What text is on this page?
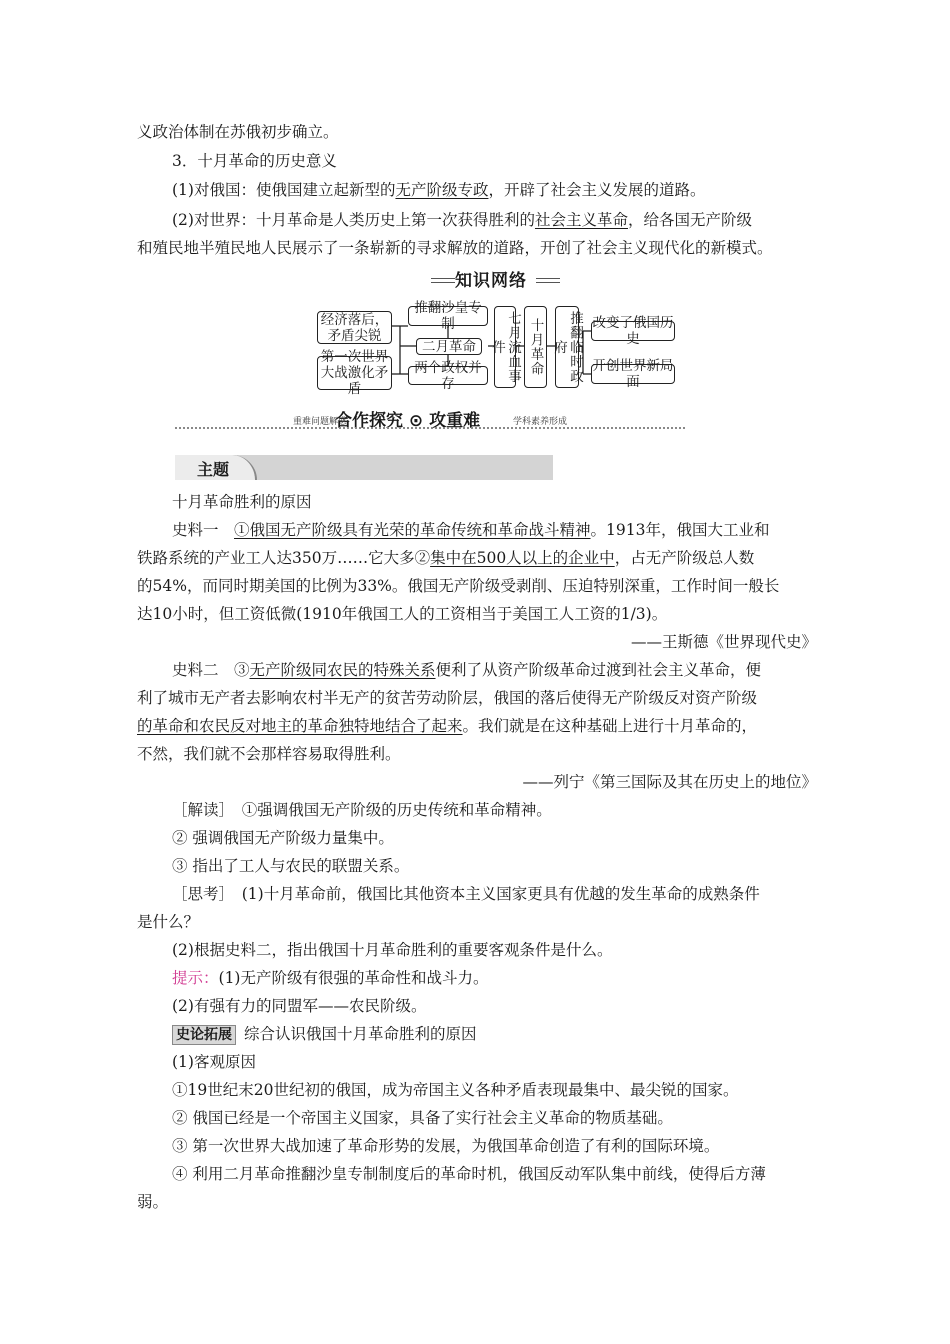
义政治体制在苏俄初步确立。
3．十月革命的历史意义
(1)对俄国：使俄国建立起新型的无产阶级专政，开辟了社会主义发展的道路。
(2)对世界：十月革命是人类历史上第一次获得胜利的社会主义革命，给各国无产阶级
和殖民地半殖民地人民展示了一条崭新的寻求解放的道路，开创了社会主义现代化的新模式。
知识网络
经济落后，矛盾尖锐
第一次世界大战激化矛盾
推翻沙皇专制
二月革命
两个政权并存
七月流血事件	十月革命	推翻临时政府
改变了俄国历史
开创世界新局面
重难问题解惑
合作探究 ⊙ 攻重难	学科素养形成
主题
十月革命胜利的原因
史料一　①俄国无产阶级具有光荣的革命传统和革命战斗精神。1913年，俄国大工业和
铁路系统的产业工人达350万……它大多②集中在500人以上的企业中，占无产阶级总人数
的54%，而同时期美国的比例为33%。俄国无产阶级受剥削、压迫特别深重，工作时间一般长
达10小时，但工资低微(1910年俄国工人的工资相当于美国工人工资的1/3)。
——王斯德《世界现代史》
史料二　③无产阶级同农民的特殊关系便利了从资产阶级革命过渡到社会主义革命，便
利了城市无产者去影响农村半无产的贫苦劳动阶层，俄国的落后使得无产阶级反对资产阶级
的革命和农民反对地主的革命独特地结合了起来。我们就是在这种基础上进行十月革命的，
不然，我们就不会那样容易取得胜利。
——列宁《第三国际及其在历史上的地位》
［解读］　①强调俄国无产阶级的历史传统和革命精神。
② 强调俄国无产阶级力量集中。
③ 指出了工人与农民的联盟关系。
［思考］　(1)十月革命前，俄国比其他资本主义国家更具有优越的发生革命的成熟条件
是什么？
(2)根据史料二，指出俄国十月革命胜利的重要客观条件是什么。
提示：(1)无产阶级有很强的革命性和战斗力。
(2)有强有力的同盟军——农民阶级。
史论拓展 综合认识俄国十月革命胜利的原因
(1)客观原因
①19世纪末20世纪初的俄国，成为帝国主义各种矛盾表现最集中、最尖锐的国家。
② 俄国已经是一个帝国主义国家，具备了实行社会主义革命的物质基础。
③ 第一次世界大战加速了革命形势的发展，为俄国革命创造了有利的国际环境。
④ 利用二月革命推翻沙皇专制制度后的革命时机，俄国反动军队集中前线，使得后方薄
弱。
